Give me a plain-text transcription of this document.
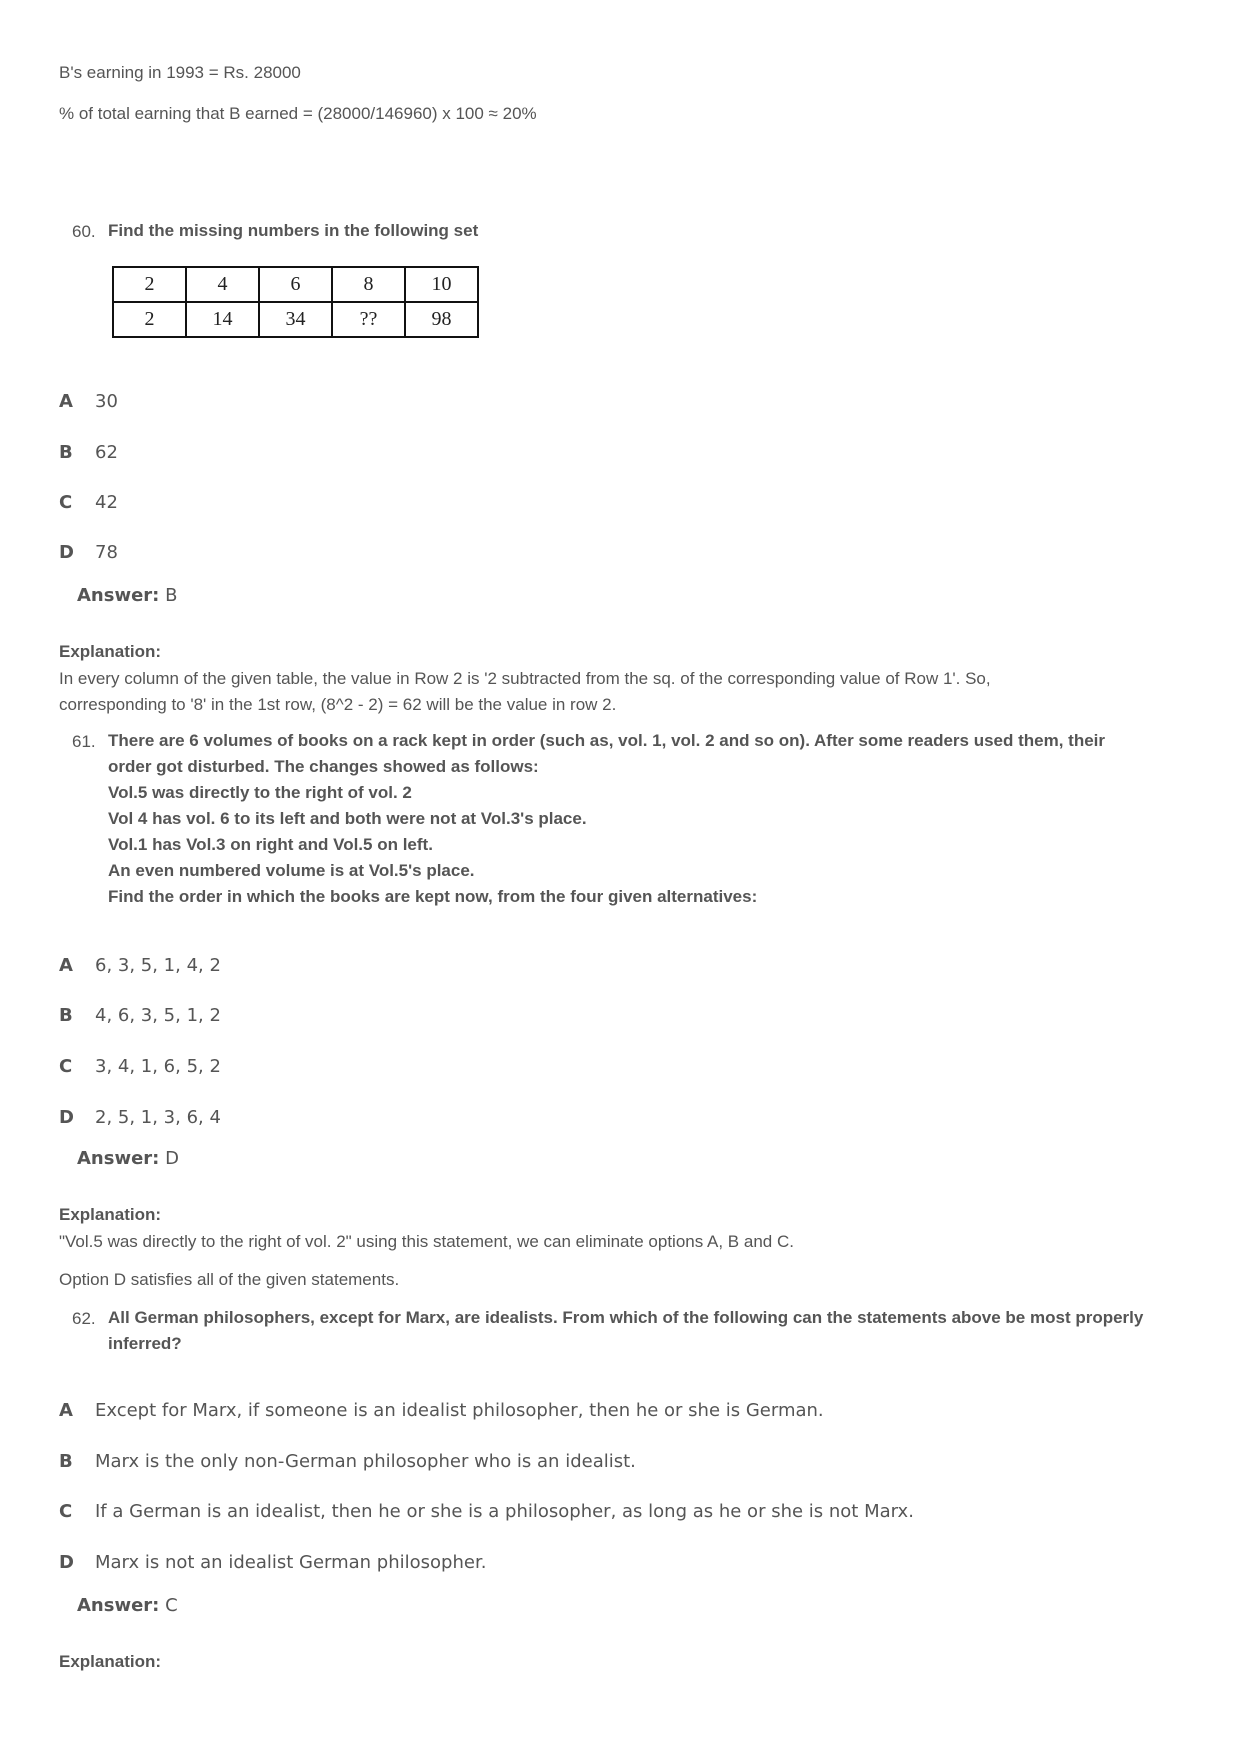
B's earning in 1993 = Rs. 28000
% of total earning that B earned = (28000/146960) x 100 ≈ 20%
60. Find the missing numbers in the following set
2	4	6	8	10
2	14	34	??	98
A 30
B 62
C 42
D 78
Answer: B
Explanation:
In every column of the given table, the value in Row 2 is '2 subtracted from the sq. of the corresponding value of Row 1'. So,
corresponding to '8' in the 1st row, (8^2 - 2) = 62 will be the value in row 2.
61. There are 6 volumes of books on a rack kept in order (such as, vol. 1, vol. 2 and so on). After some readers used them, their
order got disturbed. The changes showed as follows:
Vol.5 was directly to the right of vol. 2
Vol 4 has vol. 6 to its left and both were not at Vol.3's place.
Vol.1 has Vol.3 on right and Vol.5 on left.
An even numbered volume is at Vol.5's place.
Find the order in which the books are kept now, from the four given alternatives:
A 6, 3, 5, 1, 4, 2
B 4, 6, 3, 5, 1, 2
C 3, 4, 1, 6, 5, 2
D 2, 5, 1, 3, 6, 4
Answer: D
Explanation:
"Vol.5 was directly to the right of vol. 2" using this statement, we can eliminate options A, B and C.
Option D satisfies all of the given statements.
62. All German philosophers, except for Marx, are idealists. From which of the following can the statements above be most properly
inferred?
A Except for Marx, if someone is an idealist philosopher, then he or she is German.
B Marx is the only non-German philosopher who is an idealist.
C If a German is an idealist, then he or she is a philosopher, as long as he or she is not Marx.
D Marx is not an idealist German philosopher.
Answer: C
Explanation:
